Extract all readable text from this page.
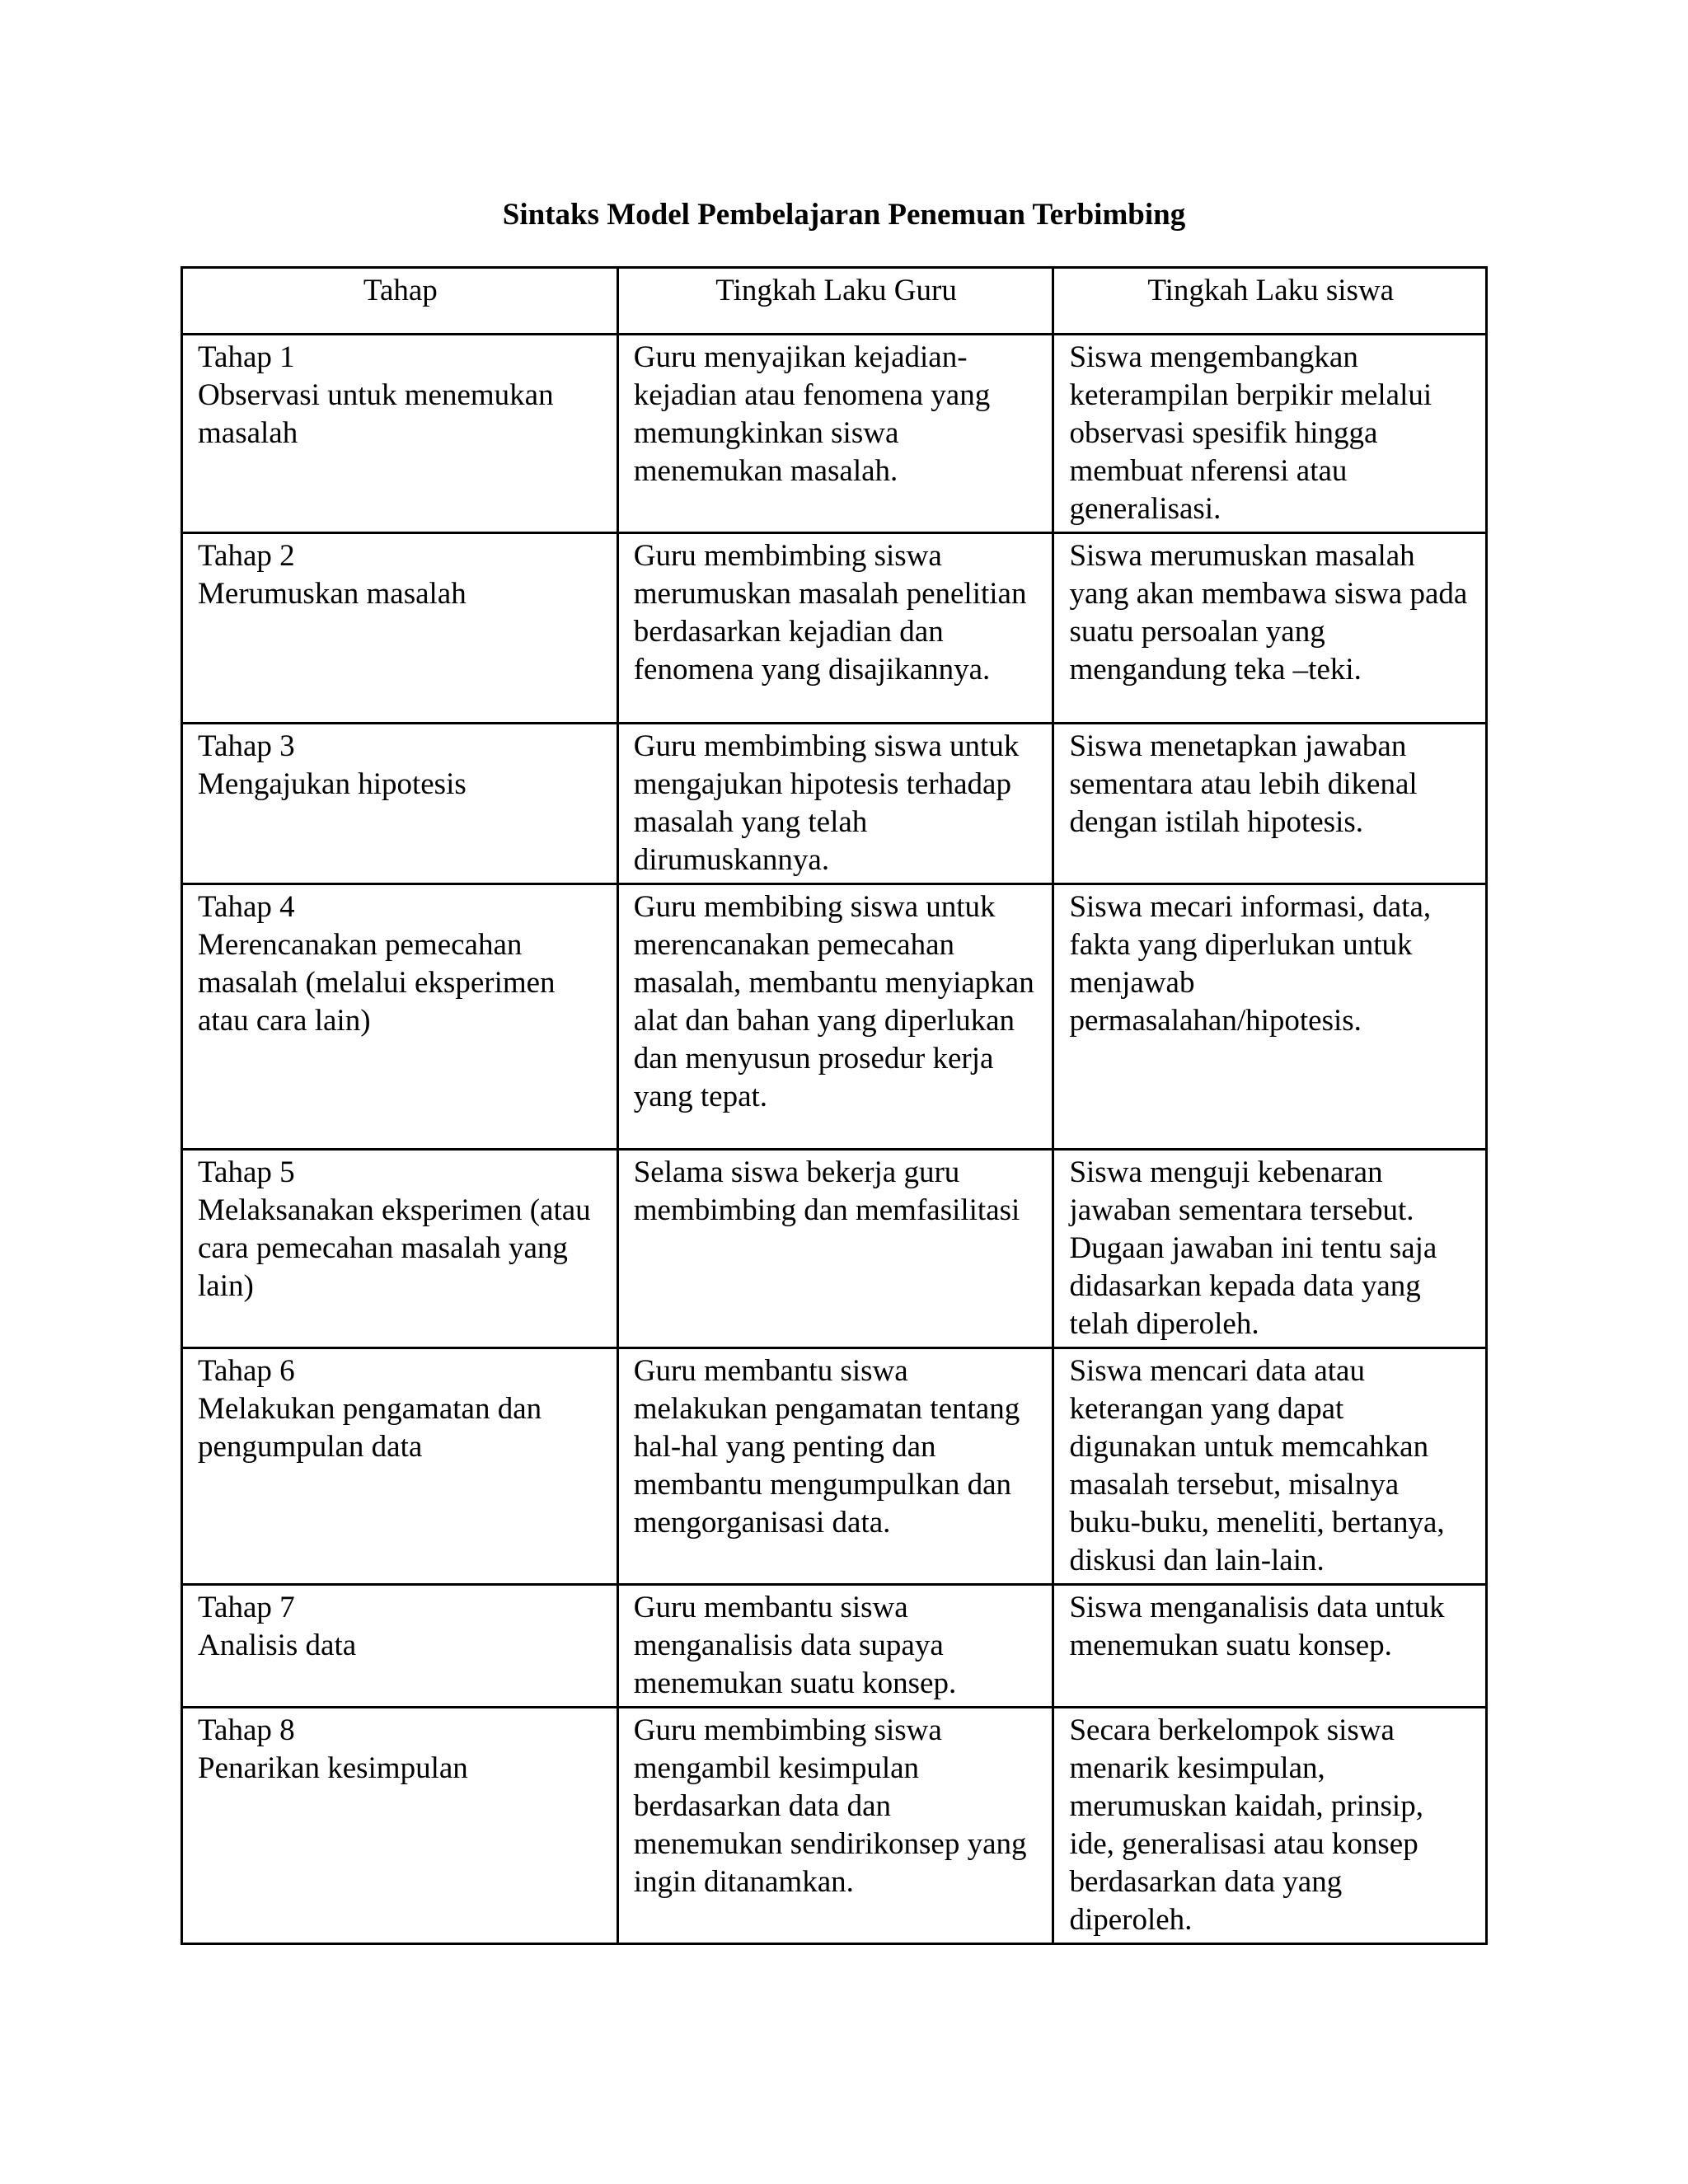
Sintaks Model Pembelajaran Penemuan Terbimbing
Tahap	Tingkah Laku Guru	Tingkah Laku siswa

Tahap 1
Observasi untuk menemukan masalah	Guru menyajikan kejadian-kejadian atau fenomena yang memungkinkan siswa menemukan masalah.	Siswa mengembangkan keterampilan berpikir melalui observasi spesifik hingga membuat nferensi atau generalisasi.

Tahap 2
Merumuskan masalah	Guru membimbing siswa merumuskan masalah penelitian berdasarkan kejadian dan fenomena yang disajikannya.	Siswa merumuskan masalah yang akan membawa siswa pada suatu persoalan yang mengandung teka –teki.

Tahap 3
Mengajukan hipotesis	Guru membimbing siswa untuk mengajukan hipotesis terhadap masalah yang telah dirumuskannya.	Siswa menetapkan jawaban sementara atau lebih dikenal dengan istilah hipotesis.

Tahap 4
Merencanakan pemecahan masalah (melalui eksperimen atau cara lain)	Guru membibing siswa untuk merencanakan pemecahan masalah, membantu menyiapkan alat dan bahan yang diperlukan dan menyusun prosedur kerja yang tepat.	Siswa mecari informasi, data, fakta yang diperlukan untuk menjawab permasalahan/hipotesis.

Tahap 5
Melaksanakan eksperimen (atau cara pemecahan masalah yang lain)	Selama siswa bekerja guru membimbing dan memfasilitasi	Siswa menguji kebenaran jawaban sementara tersebut. Dugaan jawaban ini tentu saja didasarkan kepada data yang telah diperoleh.

Tahap 6
Melakukan pengamatan dan pengumpulan data	Guru membantu siswa melakukan pengamatan tentang hal-hal yang penting dan membantu mengumpulkan dan mengorganisasi data.	Siswa mencari data atau keterangan yang dapat digunakan untuk memcahkan masalah tersebut, misalnya buku-buku, meneliti, bertanya, diskusi dan lain-lain.

Tahap 7
Analisis data	Guru membantu siswa menganalisis data supaya menemukan suatu konsep.	Siswa menganalisis data untuk menemukan suatu konsep.

Tahap 8
Penarikan kesimpulan	Guru membimbing siswa mengambil kesimpulan berdasarkan data dan menemukan sendirikonsep yang ingin ditanamkan.	Secara berkelompok siswa menarik kesimpulan, merumuskan kaidah, prinsip, ide, generalisasi atau konsep berdasarkan data yang diperoleh.
